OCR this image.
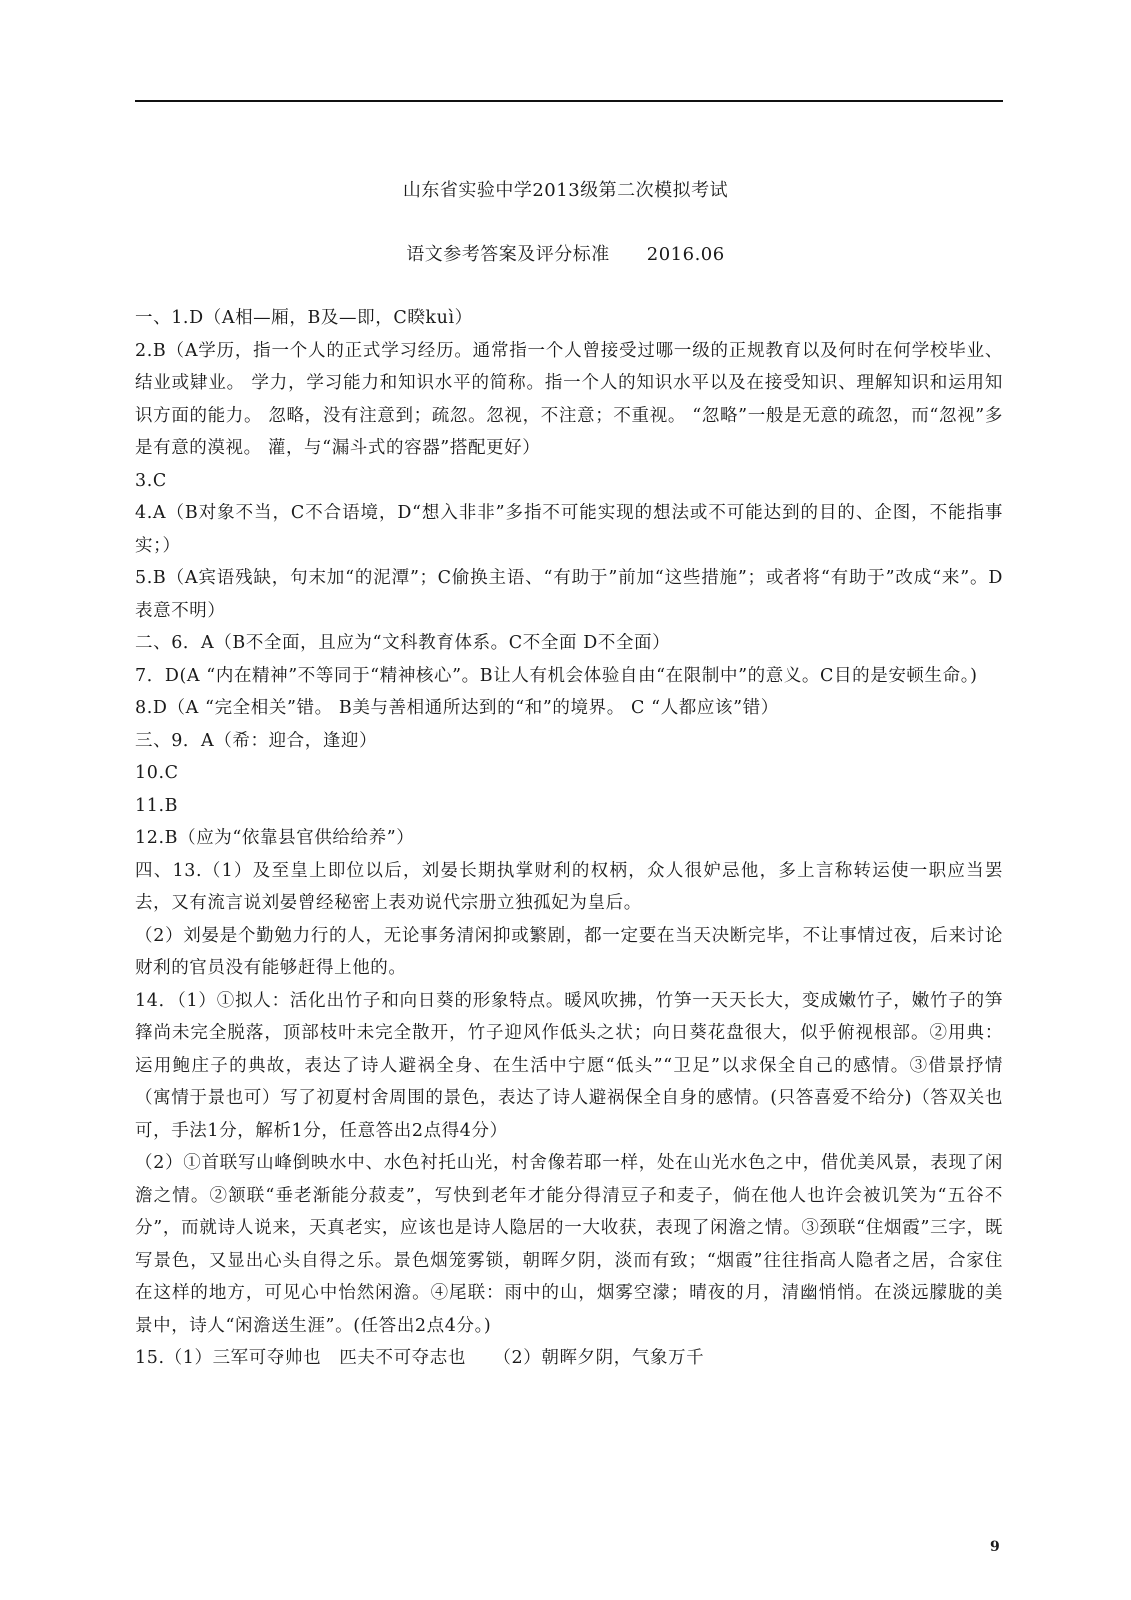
山东省实验中学2013级第二次模拟考试
语文参考答案及评分标准　　2016.06

一、1.D（A相—厢，B及—即，C睽kuì）

2.B（A学历，指一个人的正式学习经历。通常指一个人曾接受过哪一级的正规教育以及何时在何学校毕业、结业或肄业。 学力，学习能力和知识水平的简称。指一个人的知识水平以及在接受知识、理解知识和运用知识方面的能力。 忽略，没有注意到；疏忽。忽视，不注意；不重视。 “忽略”一般是无意的疏忽，而“忽视”多是有意的漠视。 灌，与“漏斗式的容器”搭配更好）

3.C

4.A（B对象不当，C不合语境，D“想入非非”多指不可能实现的想法或不可能达到的目的、企图，不能指事实；）

5.B（A宾语残缺，句末加“的泥潭”；C偷换主语、“有助于”前加“这些措施”；或者将“有助于”改成“来”。D表意不明）

二、6．A（B不全面，且应为“文科教育体系。C不全面 D不全面）

7．D(A “内在精神”不等同于“精神核心”。B让人有机会体验自由“在限制中”的意义。C目的是安顿生命。)

8.D（A “完全相关”错。 B美与善相通所达到的“和”的境界。 C “人都应该”错）

三、9．A（希：迎合，逢迎）

10.C

11.B

12.B（应为“依靠县官供给给养”）

四、13.（1）及至皇上即位以后，刘晏长期执掌财利的权柄，众人很妒忌他，多上言称转运使一职应当罢去，又有流言说刘晏曾经秘密上表劝说代宗册立独孤妃为皇后。

（2）刘晏是个勤勉力行的人，无论事务清闲抑或繁剧，都一定要在当天决断完毕，不让事情过夜，后来讨论财利的官员没有能够赶得上他的。

14．（1）①拟人：活化出竹子和向日葵的形象特点。暖风吹拂，竹笋一天天长大，变成嫩竹子，嫩竹子的笋箨尚未完全脱落，顶部枝叶未完全散开，竹子迎风作低头之状；向日葵花盘很大，似乎俯视根部。②用典：运用鲍庄子的典故，表达了诗人避祸全身、在生活中宁愿“低头”“卫足”以求保全自己的感情。③借景抒情（寓情于景也可）写了初夏村舍周围的景色，表达了诗人避祸保全自身的感情。(只答喜爱不给分)（答双关也可，手法1分，解析1分，任意答出2点得4分）

（2）①首联写山峰倒映水中、水色衬托山光，村舍像若耶一样，处在山光水色之中，借优美风景，表现了闲澹之情。②颔联“垂老渐能分菽麦”，写快到老年才能分得清豆子和麦子，倘在他人也许会被讥笑为“五谷不分”，而就诗人说来，天真老实，应该也是诗人隐居的一大收获，表现了闲澹之情。③颈联“住烟霞”三字，既写景色，又显出心头自得之乐。景色烟笼雾锁，朝晖夕阴，淡而有致；“烟霞”往往指高人隐者之居，合家住在这样的地方，可见心中怡然闲澹。④尾联：雨中的山，烟雾空濛；晴夜的月，清幽悄悄。在淡远朦胧的美景中，诗人“闲澹送生涯”。(任答出2点4分。)

15.（1）三军可夺帅也　匹夫不可夺志也　　（2）朝晖夕阴，气象万千

9
